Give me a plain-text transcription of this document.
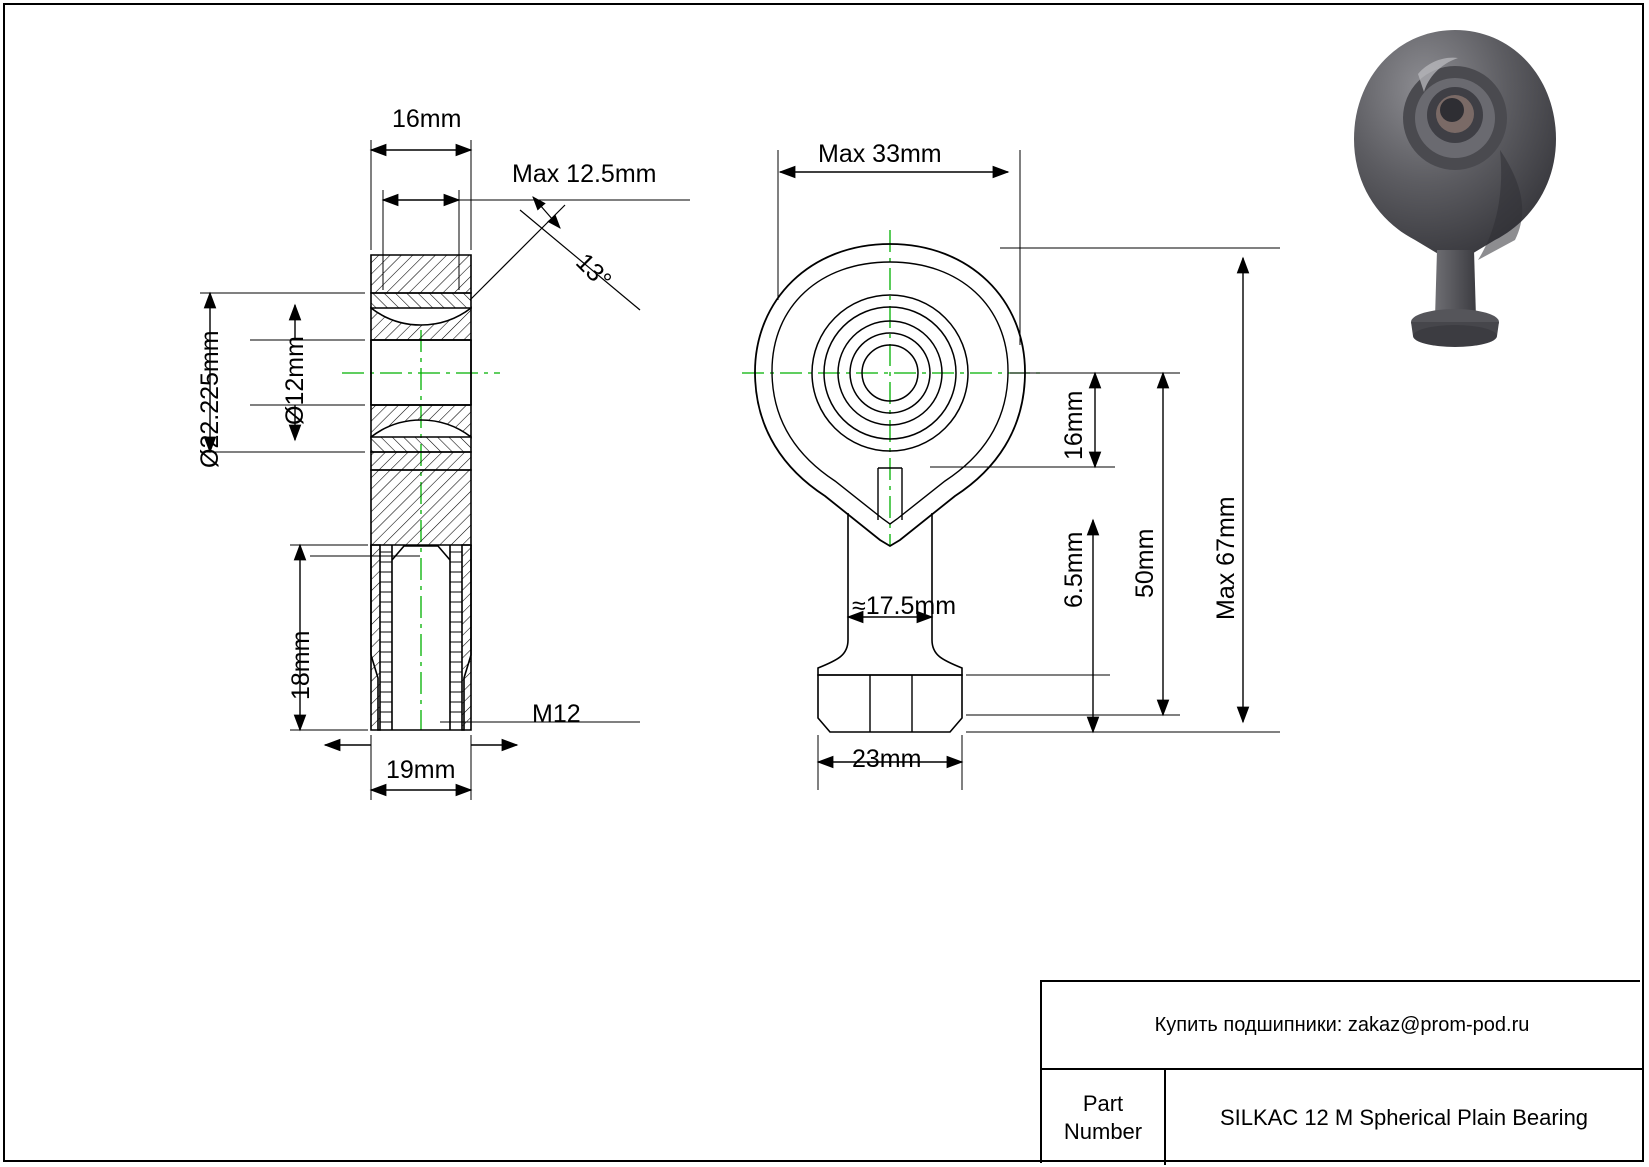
16mm
Max 12.5mm
13°
Ø22.225mm Ø12mm
18mm
19mm
M12
Max 33mm
16mm
≈17.5mm
23mm
6.5mm 50mm Max 67mm
Купить подшипники: zakaz@prom-pod.ru
Part
Number
SILKAC 12 M Spherical Plain Bearing
